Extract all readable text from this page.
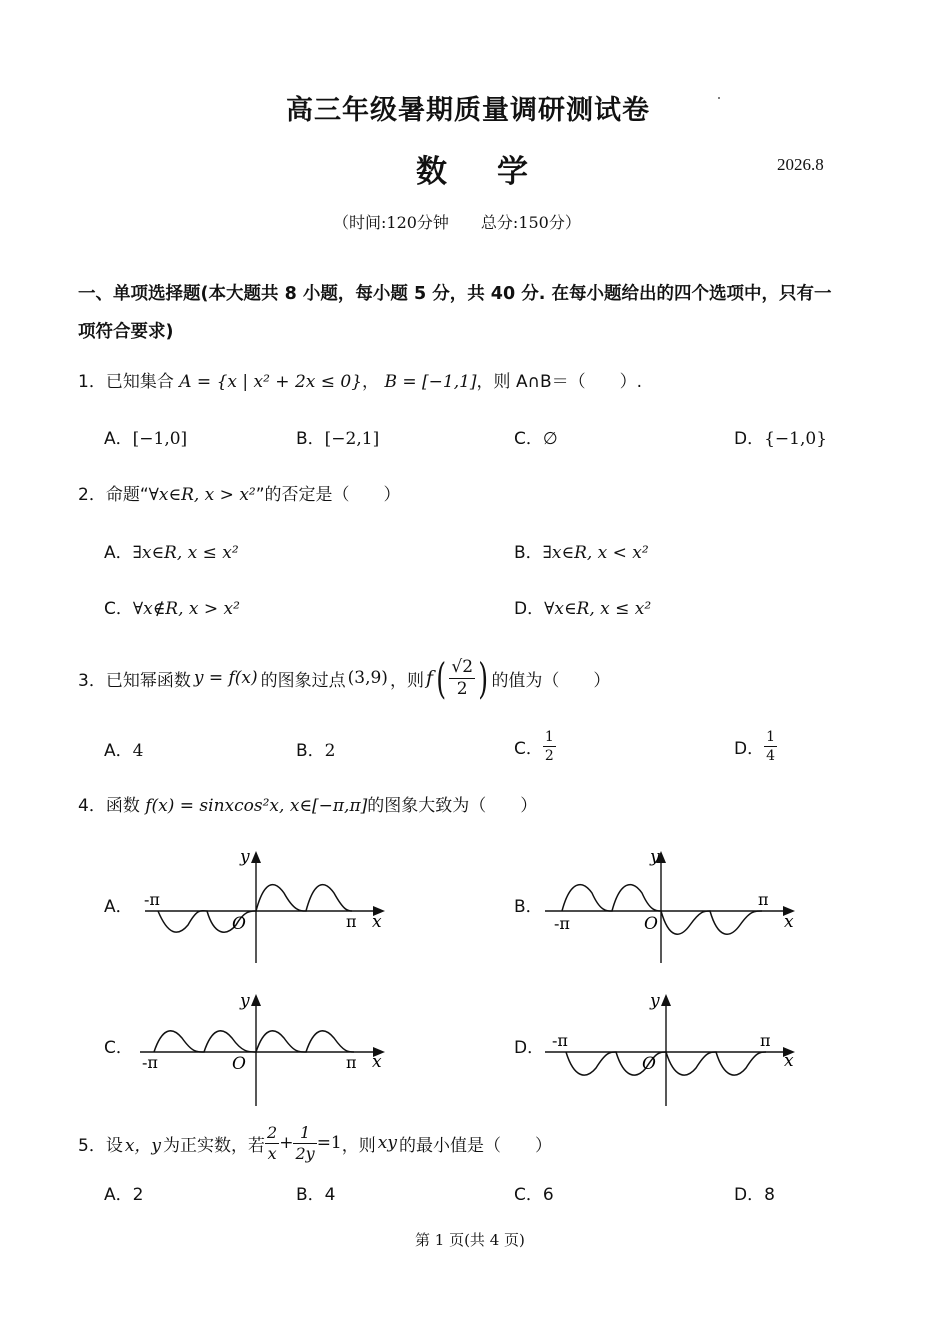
高三年级暑期质量调研测试卷
数学	2026.8
（时间:120分钟　　总分:150分）
一、单项选择题(本大题共 8 小题，每小题 5 分，共 40 分. 在每小题给出的四个选项中，只有一
项符合要求)
1．已知集合 A = {x | x² + 2x ≤ 0}， B = [−1,1]，则 A∩B＝（　　）.
A．[−1,0]	B．[−2,1]	C．∅	D．{−1,0}
2．命题“∀x∈R, x > x²”的否定是（　　）
A．∃x∈R, x ≤ x²	B．∃x∈R, x < x²
C．∀x∉R, x > x²	D．∀x∈R, x ≤ x²
3． 已知幂函数 y = f(x) 的图象过点 (3,9) ，则 f ( $\frac{√2}{2}$ ) 的值为（　　）
A．4	B．2	C． $\frac{1}{2}$	D． $\frac{1}{4}$
4．函数 f(x) = sinxcos²x, x∈[−π,π]的图象大致为（　　）
A． -π
O
y
π x
B．
-π	O
y
π
x
C．
-π	O
y
π x
D． -π
O
y
π
x
5． 设 x，y 为正实数，若 $\frac{2}{x} + \frac{1}{2y} =1$ ，则 xy 的最小值是（　　）
A．2	B．4	C．6	D．8
第 1 页(共 4 页)
